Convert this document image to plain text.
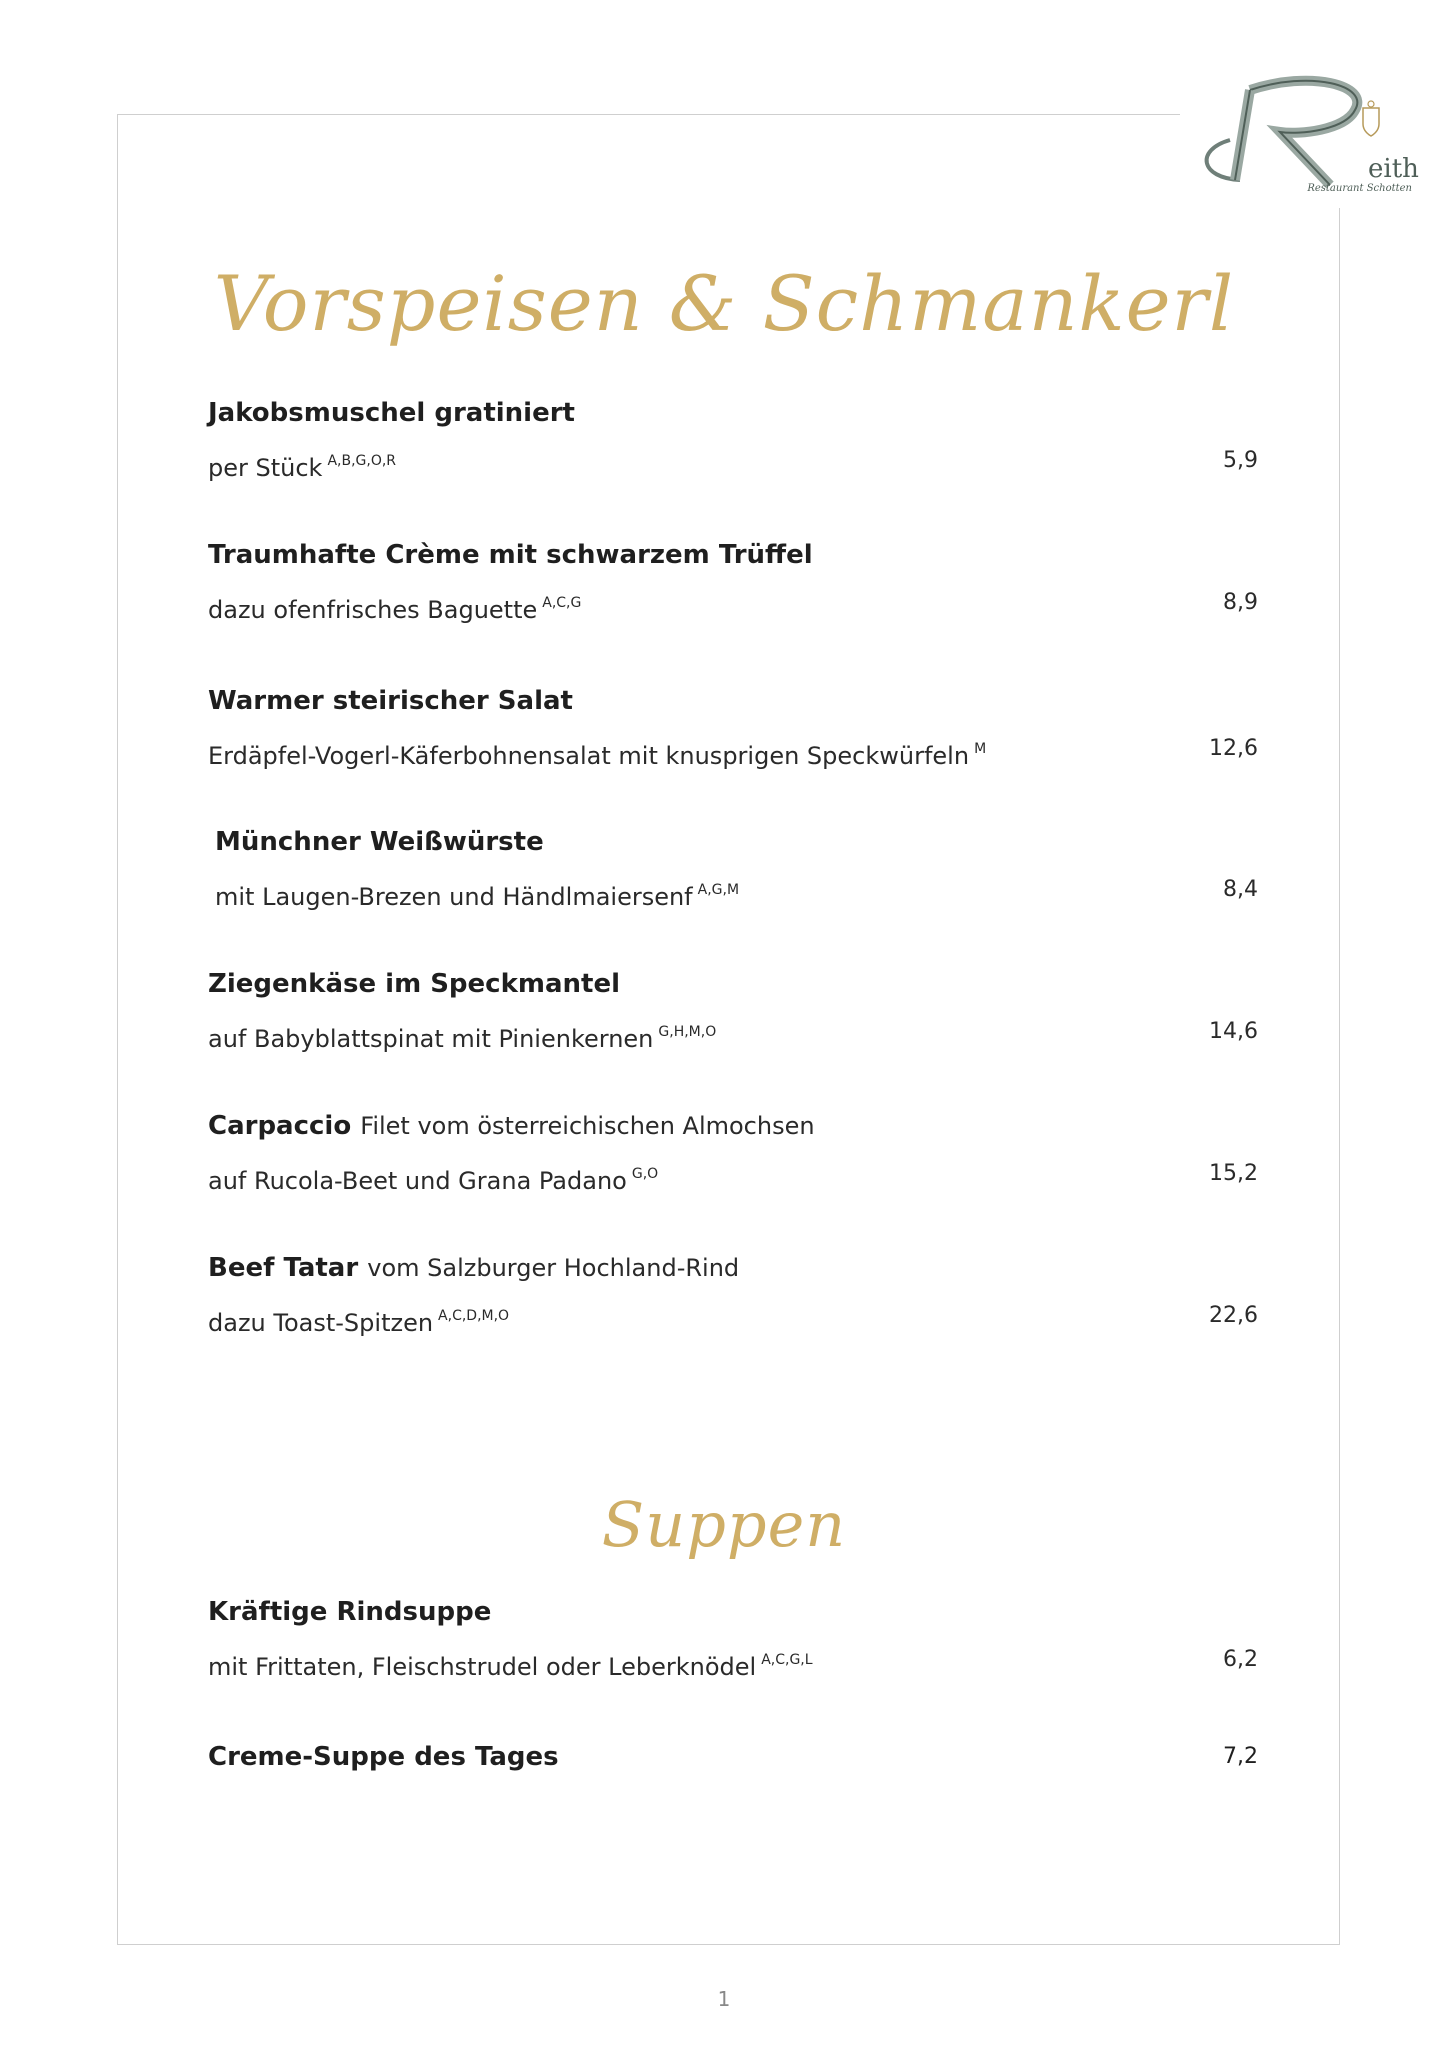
R	eith
Restaurant Schotten
Vorspeisen & Schmankerl
Jakobsmuschel gratiniert
per Stück $^{A,B,G,O,R}$	5,9
Traumhafte Crème mit schwarzem Trüffel
dazu ofenfrisches Baguette $^{A,C,G}$	8,9
Warmer steirischer Salat
Erdäpfel-Vogerl-Käferbohnensalat mit knusprigen Speckwürfeln $^M$	12,6
Münchner Weißwürste
mit Laugen-Brezen und Händlmaiersenf $^{A,G,M}$	8,4
Ziegenkäse im Speckmantel
auf Babyblattspinat mit Pinienkernen $^{G,H,M,O}$	14,6
Carpaccio Filet vom österreichischen Almochsen
auf Rucola-Beet und Grana Padano $^{G,O}$	15,2
Beef Tatar vom Salzburger Hochland-Rind
dazu Toast-Spitzen $^{A,C,D,M,O}$	22,6
Suppen
Kräftige Rindsuppe
mit Frittaten, Fleischstrudel oder Leberknödel $^{A,C,G,L}$	6,2
Creme-Suppe des Tages	7,2
1
